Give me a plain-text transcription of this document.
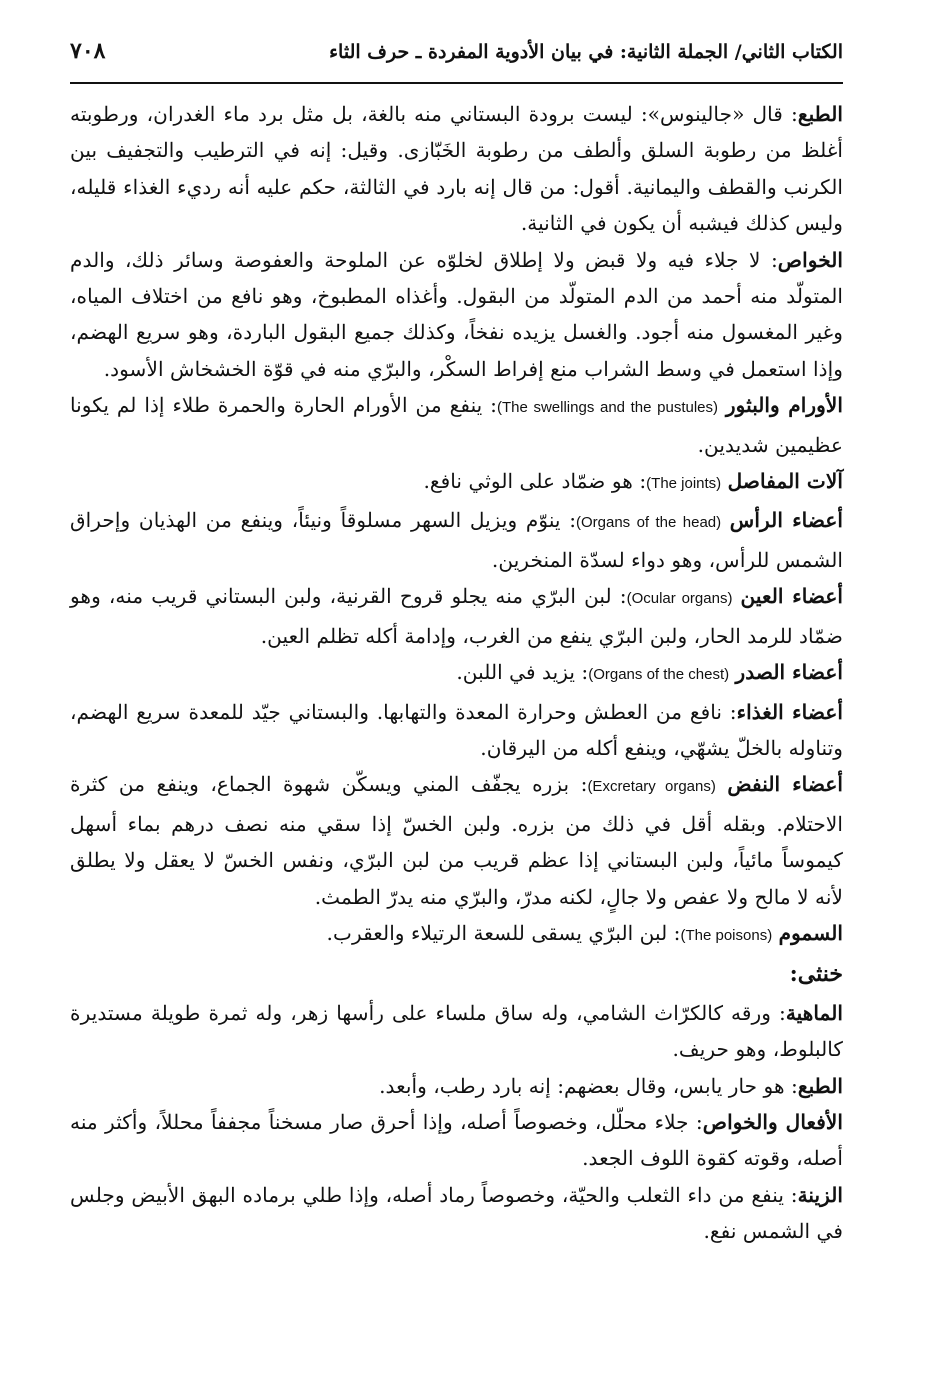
الكتاب الثاني/ الجملة الثانية: في بيان الأدوية المفردة ـ حرف الثاء
٧٠٨

الطبع: قال «جالينوس»: ليست برودة البستاني منه بالغة، بل مثل برد ماء الغدران، ورطوبته أغلظ من رطوبة السلق وألطف من رطوبة الخَبّازى. وقيل: إنه في الترطيب والتجفيف بين الكرنب والقطف واليمانية. أقول: من قال إنه بارد في الثالثة، حكم عليه أنه رديء الغذاء قليله، وليس كذلك فيشبه أن يكون في الثانية.

الخواص: لا جلاء فيه ولا قبض ولا إطلاق لخلوّه عن الملوحة والعفوصة وسائر ذلك، والدم المتولّد منه أحمد من الدم المتولّد من البقول. وأغذاه المطبوخ، وهو نافع من اختلاف المياه، وغير المغسول منه أجود. والغسل يزيده نفخاً، وكذلك جميع البقول الباردة، وهو سريع الهضم، وإذا استعمل في وسط الشراب منع إفراط السكْر، والبرّي منه في قوّة الخشخاش الأسود.

الأورام والبثور (The swellings and the pustules): ينفع من الأورام الحارة والحمرة طلاء إذا لم يكونا عظيمين شديدين.

آلات المفاصل (The joints): هو ضمّاد على الوثي نافع.

أعضاء الرأس (Organs of the head): ينوّم ويزيل السهر مسلوقاً ونيئاً، وينفع من الهذيان وإحراق الشمس للرأس، وهو دواء لسدّة المنخرين.

أعضاء العين (Ocular organs): لبن البرّي منه يجلو قروح القرنية، ولبن البستاني قريب منه، وهو ضمّاد للرمد الحار، ولبن البرّي ينفع من الغرب، وإدامة أكله تظلم العين.

أعضاء الصدر (Organs of the chest): يزيد في اللبن.

أعضاء الغذاء: نافع من العطش وحرارة المعدة والتهابها. والبستاني جيّد للمعدة سريع الهضم، وتناوله بالخلّ يشهّي، وينفع أكله من اليرقان.

أعضاء النفض (Excretary organs): بزره يجفّف المني ويسكّن شهوة الجماع، وينفع من كثرة الاحتلام. وبقله أقل في ذلك من بزره. ولبن الخسّ إذا سقي منه نصف درهم بماء أسهل كيموساً مائياً، ولبن البستاني إذا عظم قريب من لبن البرّي، ونفس الخسّ لا يعقل ولا يطلق لأنه لا مالح ولا عفص ولا جالٍ، لكنه مدرّ، والبرّي منه يدرّ الطمث.

السموم (The poisons): لبن البرّي يسقى للسعة الرتيلاء والعقرب.

خنثى:

الماهية: ورقه كالكرّاث الشامي، وله ساق ملساء على رأسها زهر، وله ثمرة طويلة مستديرة كالبلوط، وهو حريف.

الطبع: هو حار يابس، وقال بعضهم: إنه بارد رطب، وأبعد.

الأفعال والخواص: جلاء محلّل، وخصوصاً أصله، وإذا أحرق صار مسخناً مجففاً محللاً، وأكثر منه أصله، وقوته كقوة اللوف الجعد.

الزينة: ينفع من داء الثعلب والحيّة، وخصوصاً رماد أصله، وإذا طلي برماده البهق الأبيض وجلس في الشمس نفع.
